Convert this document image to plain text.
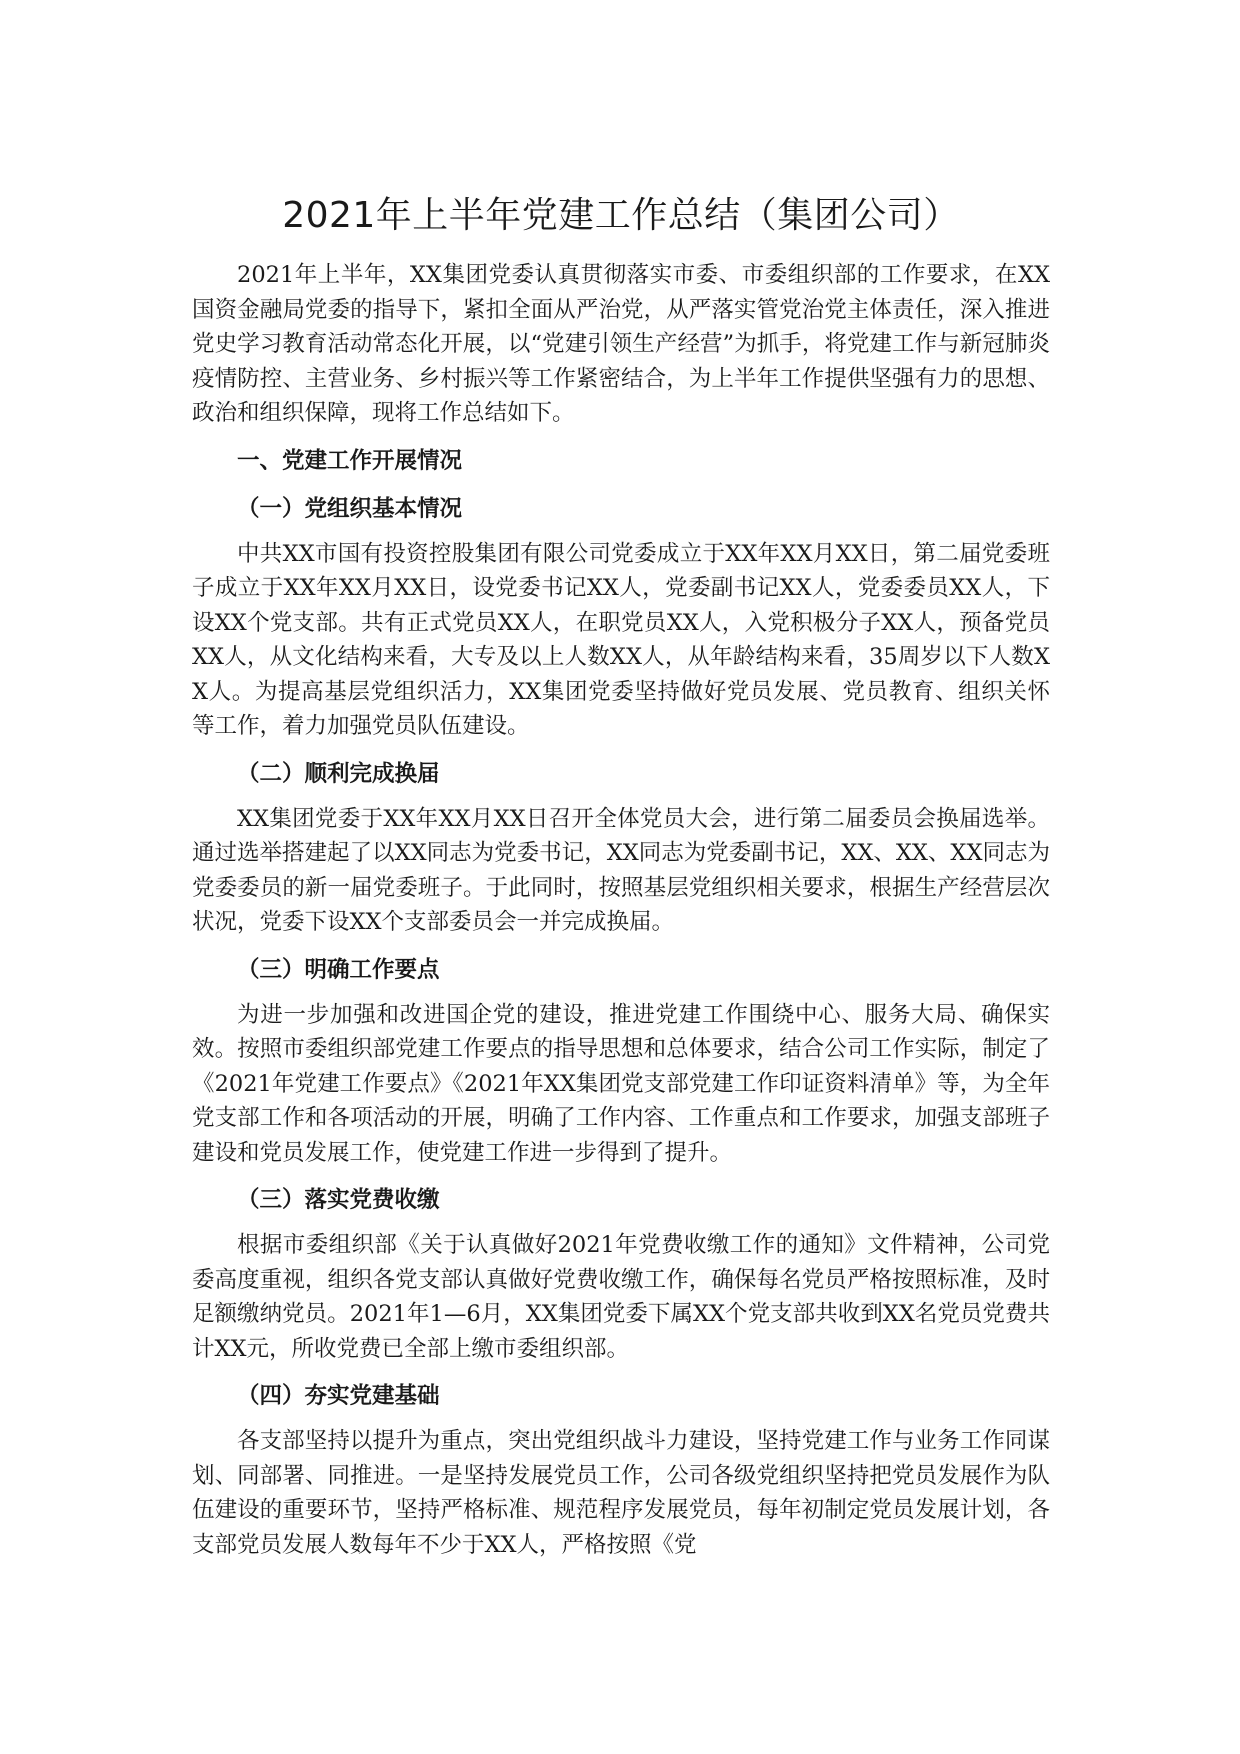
2021年上半年党建工作总结（集团公司）

2021年上半年，XX集团党委认真贯彻落实市委、市委组织部的工作要求，在XX国资金融局党委的指导下，紧扣全面从严治党，从严落实管党治党主体责任，深入推进党史学习教育活动常态化开展，以“党建引领生产经营”为抓手，将党建工作与新冠肺炎疫情防控、主营业务、乡村振兴等工作紧密结合，为上半年工作提供坚强有力的思想、政治和组织保障，现将工作总结如下。

一、党建工作开展情况
（一）党组织基本情况

中共XX市国有投资控股集团有限公司党委成立于XX年XX月XX日，第二届党委班子成立于XX年XX月XX日，设党委书记XX人，党委副书记XX人，党委委员XX人，下设XX个党支部。共有正式党员XX人，在职党员XX人，入党积极分子XX人，预备党员XX人，从文化结构来看，大专及以上人数XX人，从年龄结构来看，35周岁以下人数XX人。为提高基层党组织活力，XX集团党委坚持做好党员发展、党员教育、组织关怀等工作，着力加强党员队伍建设。

（二）顺利完成换届

XX集团党委于XX年XX月XX日召开全体党员大会，进行第二届委员会换届选举。通过选举搭建起了以XX同志为党委书记，XX同志为党委副书记，XX、XX、XX同志为党委委员的新一届党委班子。于此同时，按照基层党组织相关要求，根据生产经营层次状况，党委下设XX个支部委员会一并完成换届。

（三）明确工作要点

为进一步加强和改进国企党的建设，推进党建工作围绕中心、服务大局、确保实效。按照市委组织部党建工作要点的指导思想和总体要求，结合公司工作实际，制定了《2021年党建工作要点》《2021年XX集团党支部党建工作印证资料清单》等，为全年党支部工作和各项活动的开展，明确了工作内容、工作重点和工作要求，加强支部班子建设和党员发展工作，使党建工作进一步得到了提升。

（三）落实党费收缴

根据市委组织部《关于认真做好2021年党费收缴工作的通知》文件精神，公司党委高度重视，组织各党支部认真做好党费收缴工作，确保每名党员严格按照标准，及时足额缴纳党员。2021年1—6月，XX集团党委下属XX个党支部共收到XX名党员党费共计XX元，所收党费已全部上缴市委组织部。

（四）夯实党建基础

各支部坚持以提升为重点，突出党组织战斗力建设，坚持党建工作与业务工作同谋划、同部署、同推进。一是坚持发展党员工作，公司各级党组织坚持把党员发展作为队伍建设的重要环节，坚持严格标准、规范程序发展党员，每年初制定党员发展计划，各支部党员发展人数每年不少于XX人，严格按照《党
